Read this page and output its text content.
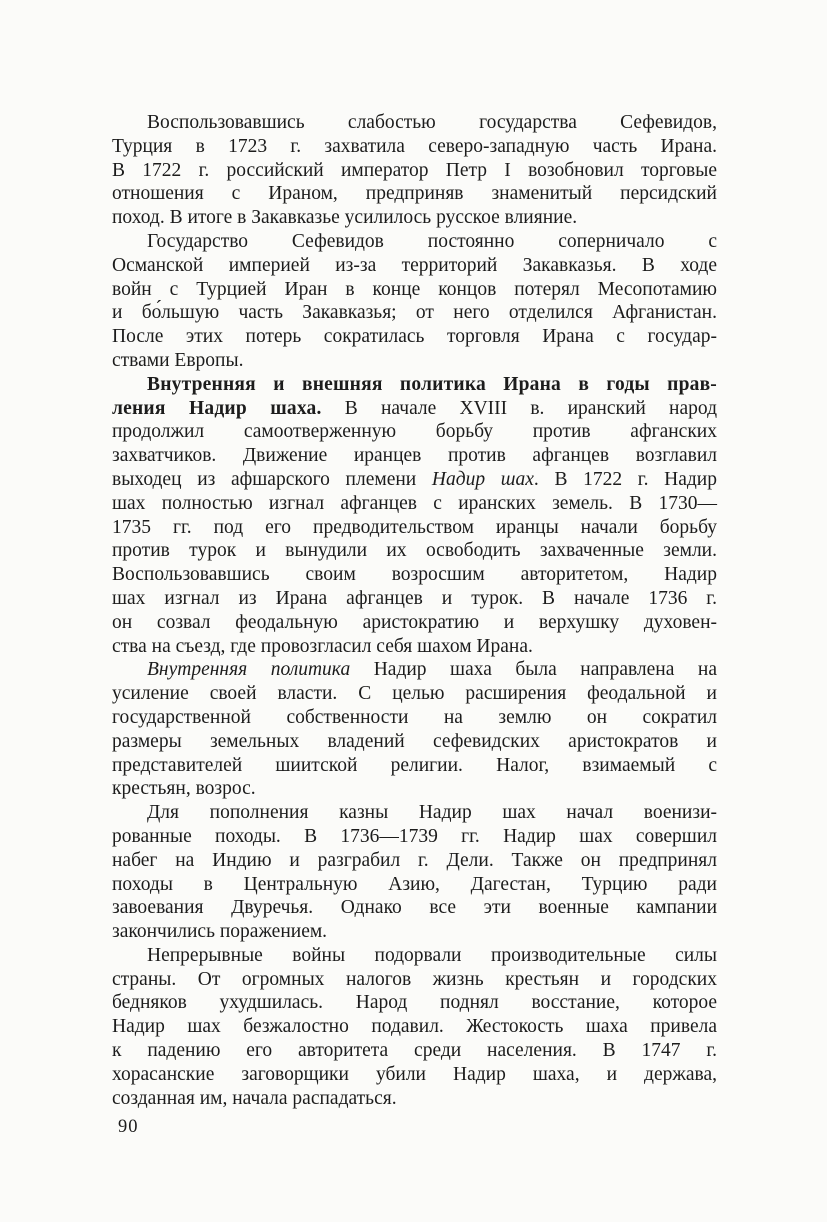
Воспользовавшись слабостью государства Сефевидов,
Турция в 1723 г. захватила северо-западную часть Ирана.
В 1722 г. российский император Петр I возобновил торговые
отношения с Ираном, предприняв знаменитый персидский
поход. В итоге в Закавказье усилилось русское влияние.
Государство Сефевидов постоянно соперничало с
Османской империей из-за территорий Закавказья. В ходе
войн с Турцией Иран в конце концов потерял Месопотамию
и бо́льшую часть Закавказья; от него отделился Афганистан.
После этих потерь сократилась торговля Ирана с государ-
ствами Европы.
Внутренняя и внешняя политика Ирана в годы прав-
ления Надир шаха. В начале XVIII в. иранский народ
продолжил самоотверженную борьбу против афганских
захватчиков. Движение иранцев против афганцев возглавил
выходец из афшарского племени Надир шах. В 1722 г. Надир
шах полностью изгнал афганцев с иранских земель. В 1730—
1735 гг. под его предводительством иранцы начали борьбу
против турок и вынудили их освободить захваченные земли.
Воспользовавшись своим возросшим авторитетом, Надир
шах изгнал из Ирана афганцев и турок. В начале 1736 г.
он созвал феодальную аристократию и верхушку духовен-
ства на съезд, где провозгласил себя шахом Ирана.
Внутренняя политика Надир шаха была направлена на
усиление своей власти. С целью расширения феодальной и
государственной собственности на землю он сократил
размеры земельных владений сефевидских аристократов и
представителей шиитской религии. Налог, взимаемый с
крестьян, возрос.
Для пополнения казны Надир шах начал военизи-
рованные походы. В 1736—1739 гг. Надир шах совершил
набег на Индию и разграбил г. Дели. Также он предпринял
походы в Центральную Азию, Дагестан, Турцию ради
завоевания Двуречья. Однако все эти военные кампании
закончились поражением.
Непрерывные войны подорвали производительные силы
страны. От огромных налогов жизнь крестьян и городских
бедняков ухудшилась. Народ поднял восстание, которое
Надир шах безжалостно подавил. Жестокость шаха привела
к падению его авторитета среди населения. В 1747 г.
хорасанские заговорщики убили Надир шаха, и держава,
созданная им, начала распадаться.
90
